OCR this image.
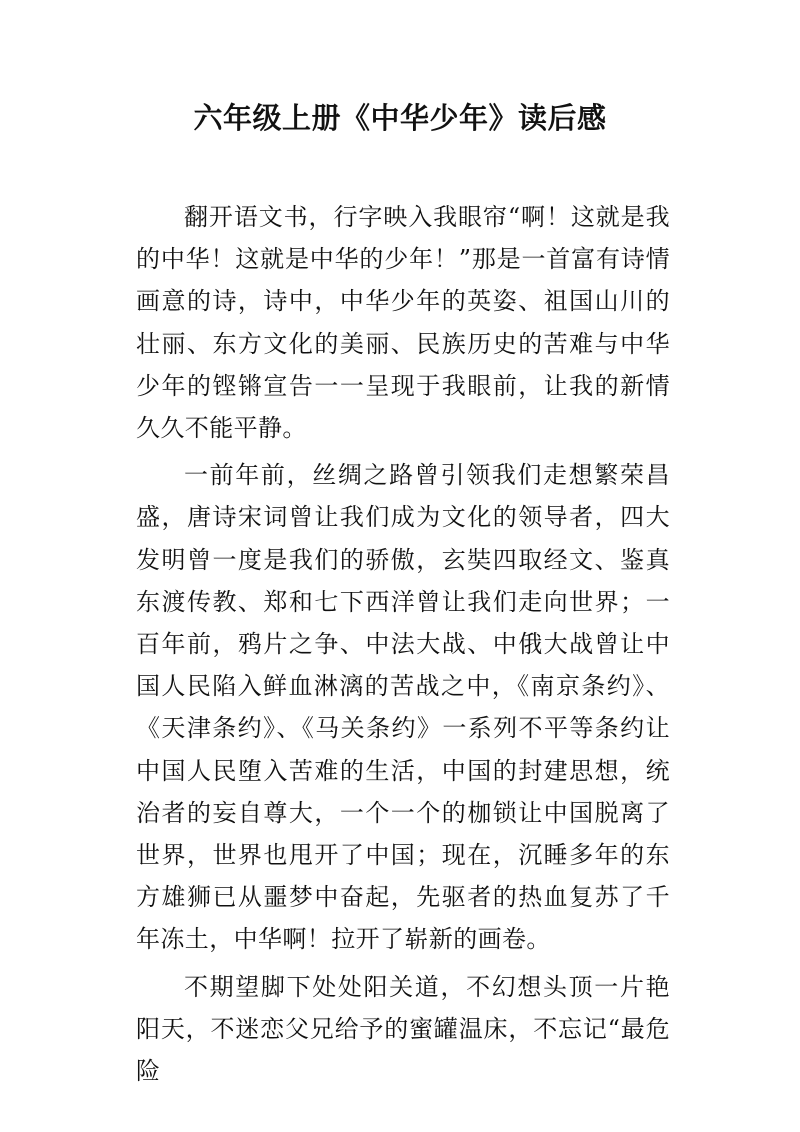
六年级上册《中华少年》读后感

翻开语文书，行字映入我眼帘“啊！这就是我的中华！这就是中华的少年！”那是一首富有诗情画意的诗，诗中，中华少年的英姿、祖国山川的壮丽、东方文化的美丽、民族历史的苦难与中华少年的铿锵宣告一一呈现于我眼前，让我的新情久久不能平静。

一前年前，丝绸之路曾引领我们走想繁荣昌盛，唐诗宋词曾让我们成为文化的领导者，四大发明曾一度是我们的骄傲，玄奘四取经文、鉴真东渡传教、郑和七下西洋曾让我们走向世界；一百年前，鸦片之争、中法大战、中俄大战曾让中国人民陷入鲜血淋漓的苦战之中，《南京条约》、《天津条约》、《马关条约》一系列不平等条约让中国人民堕入苦难的生活，中国的封建思想，统治者的妄自尊大，一个一个的枷锁让中国脱离了世界，世界也甩开了中国；现在，沉睡多年的东方雄狮已从噩梦中奋起，先驱者的热血复苏了千年冻土，中华啊！拉开了崭新的画卷。

不期望脚下处处阳关道，不幻想头顶一片艳阳天，不迷恋父兄给予的蜜罐温床，不忘记“最危险
